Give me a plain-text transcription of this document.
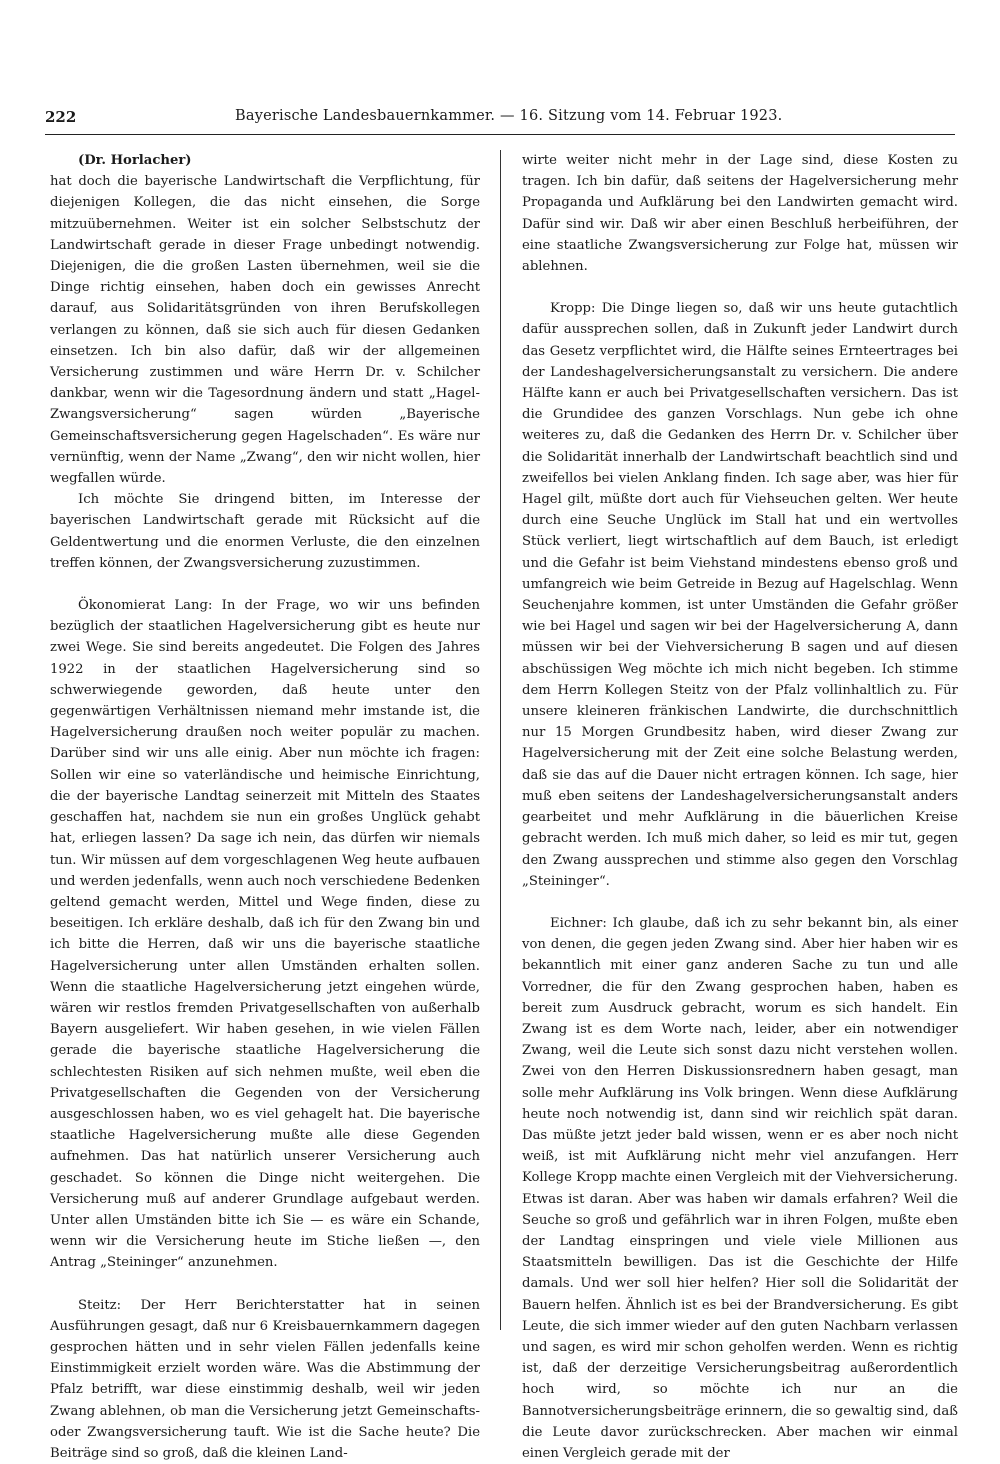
222	Bayerische Landesbauernkammer. — 16. Sitzung vom 14. Februar 1923.

(Dr. Horlacher)

hat doch die bayerische Landwirtschaft die Verpflichtung, für diejenigen Kollegen, die das nicht einsehen, die Sorge mitzuübernehmen. Weiter ist ein solcher Selbstschutz der Landwirtschaft gerade in dieser Frage unbedingt notwendig. Diejenigen, die die großen Lasten übernehmen, weil sie die Dinge richtig einsehen, haben doch ein gewisses Anrecht darauf, aus Solidaritätsgründen von ihren Berufskollegen verlangen zu können, daß sie sich auch für diesen Gedanken einsetzen. Ich bin also dafür, daß wir der allgemeinen Versicherung zustimmen und wäre Herrn Dr. v. Schilcher dankbar, wenn wir die Tagesordnung ändern und statt „Hagel-Zwangsversicherung“ sagen würden „Bayerische Gemeinschaftsversicherung gegen Hagelschaden“. Es wäre nur vernünftig, wenn der Name „Zwang“, den wir nicht wollen, hier wegfallen würde.

Ich möchte Sie dringend bitten, im Interesse der bayerischen Landwirtschaft gerade mit Rücksicht auf die Geldentwertung und die enormen Verluste, die den einzelnen treffen können, der Zwangsversicherung zuzustimmen.

Ökonomierat Lang: In der Frage, wo wir uns befinden bezüglich der staatlichen Hagelversicherung gibt es heute nur zwei Wege. Sie sind bereits angedeutet. Die Folgen des Jahres 1922 in der staatlichen Hagelversicherung sind so schwerwiegende geworden, daß heute unter den gegenwärtigen Verhältnissen niemand mehr imstande ist, die Hagelversicherung draußen noch weiter populär zu machen. Darüber sind wir uns alle einig. Aber nun möchte ich fragen: Sollen wir eine so vaterländische und heimische Einrichtung, die der bayerische Landtag seinerzeit mit Mitteln des Staates geschaffen hat, nachdem sie nun ein großes Unglück gehabt hat, erliegen lassen? Da sage ich nein, das dürfen wir niemals tun. Wir müssen auf dem vorgeschlagenen Weg heute aufbauen und werden jedenfalls, wenn auch noch verschiedene Bedenken geltend gemacht werden, Mittel und Wege finden, diese zu beseitigen. Ich erkläre deshalb, daß ich für den Zwang bin und ich bitte die Herren, daß wir uns die bayerische staatliche Hagelversicherung unter allen Umständen erhalten sollen. Wenn die staatliche Hagelversicherung jetzt eingehen würde, wären wir restlos fremden Privatgesellschaften von außerhalb Bayern ausgeliefert. Wir haben gesehen, in wie vielen Fällen gerade die bayerische staatliche Hagelversicherung die schlechtesten Risiken auf sich nehmen mußte, weil eben die Privatgesellschaften die Gegenden von der Versicherung ausgeschlossen haben, wo es viel gehagelt hat. Die bayerische staatliche Hagelversicherung mußte alle diese Gegenden aufnehmen. Das hat natürlich unserer Versicherung auch geschadet. So können die Dinge nicht weitergehen. Die Versicherung muß auf anderer Grundlage aufgebaut werden. Unter allen Umständen bitte ich Sie — es wäre ein Schande, wenn wir die Versicherung heute im Stiche ließen —, den Antrag „Steininger“ anzunehmen.

Steitz: Der Herr Berichterstatter hat in seinen Ausführungen gesagt, daß nur 6 Kreisbauernkammern dagegen gesprochen hätten und in sehr vielen Fällen jedenfalls keine Einstimmigkeit erzielt worden wäre. Was die Abstimmung der Pfalz betrifft, war diese einstimmig deshalb, weil wir jeden Zwang ablehnen, ob man die Versicherung jetzt Gemeinschafts- oder Zwangsversicherung tauft. Wie ist die Sache heute? Die Beiträge sind so groß, daß die kleinen Land-

wirte weiter nicht mehr in der Lage sind, diese Kosten zu tragen. Ich bin dafür, daß seitens der Hagelversicherung mehr Propaganda und Aufklärung bei den Landwirten gemacht wird. Dafür sind wir. Daß wir aber einen Beschluß herbeiführen, der eine staatliche Zwangsversicherung zur Folge hat, müssen wir ablehnen.

Kropp: Die Dinge liegen so, daß wir uns heute gutachtlich dafür aussprechen sollen, daß in Zukunft jeder Landwirt durch das Gesetz verpflichtet wird, die Hälfte seines Ernteertrages bei der Landeshagelversicherungsanstalt zu versichern. Die andere Hälfte kann er auch bei Privatgesellschaften versichern. Das ist die Grundidee des ganzen Vorschlags. Nun gebe ich ohne weiteres zu, daß die Gedanken des Herrn Dr. v. Schilcher über die Solidarität innerhalb der Landwirtschaft beachtlich sind und zweifellos bei vielen Anklang finden. Ich sage aber, was hier für Hagel gilt, müßte dort auch für Viehseuchen gelten. Wer heute durch eine Seuche Unglück im Stall hat und ein wertvolles Stück verliert, liegt wirtschaftlich auf dem Bauch, ist erledigt und die Gefahr ist beim Viehstand mindestens ebenso groß und umfangreich wie beim Getreide in Bezug auf Hagelschlag. Wenn Seuchenjahre kommen, ist unter Umständen die Gefahr größer wie bei Hagel und sagen wir bei der Hagelversicherung A, dann müssen wir bei der Viehversicherung B sagen und auf diesen abschüssigen Weg möchte ich mich nicht begeben. Ich stimme dem Herrn Kollegen Steitz von der Pfalz vollinhaltlich zu. Für unsere kleineren fränkischen Landwirte, die durchschnittlich nur 15 Morgen Grundbesitz haben, wird dieser Zwang zur Hagelversicherung mit der Zeit eine solche Belastung werden, daß sie das auf die Dauer nicht ertragen können. Ich sage, hier muß eben seitens der Landeshagelversicherungsanstalt anders gearbeitet und mehr Aufklärung in die bäuerlichen Kreise gebracht werden. Ich muß mich daher, so leid es mir tut, gegen den Zwang aussprechen und stimme also gegen den Vorschlag „Steininger“.

Eichner: Ich glaube, daß ich zu sehr bekannt bin, als einer von denen, die gegen jeden Zwang sind. Aber hier haben wir es bekanntlich mit einer ganz anderen Sache zu tun und alle Vorredner, die für den Zwang gesprochen haben, haben es bereit zum Ausdruck gebracht, worum es sich handelt. Ein Zwang ist es dem Worte nach, leider, aber ein notwendiger Zwang, weil die Leute sich sonst dazu nicht verstehen wollen. Zwei von den Herren Diskussionsrednern haben gesagt, man solle mehr Aufklärung ins Volk bringen. Wenn diese Aufklärung heute noch notwendig ist, dann sind wir reichlich spät daran. Das müßte jetzt jeder bald wissen, wenn er es aber noch nicht weiß, ist mit Aufklärung nicht mehr viel anzufangen. Herr Kollege Kropp machte einen Vergleich mit der Viehversicherung. Etwas ist daran. Aber was haben wir damals erfahren? Weil die Seuche so groß und gefährlich war in ihren Folgen, mußte eben der Landtag einspringen und viele viele Millionen aus Staatsmitteln bewilligen. Das ist die Geschichte der Hilfe damals. Und wer soll hier helfen? Hier soll die Solidarität der Bauern helfen. Ähnlich ist es bei der Brandversicherung. Es gibt Leute, die sich immer wieder auf den guten Nachbarn verlassen und sagen, es wird mir schon geholfen werden. Wenn es richtig ist, daß der derzeitige Versicherungsbeitrag außerordentlich hoch wird, so möchte ich nur an die Bannotversicherungsbeiträge erinnern, die so gewaltig sind, daß die Leute davor zurückschrecken. Aber machen wir einmal einen Vergleich gerade mit der
